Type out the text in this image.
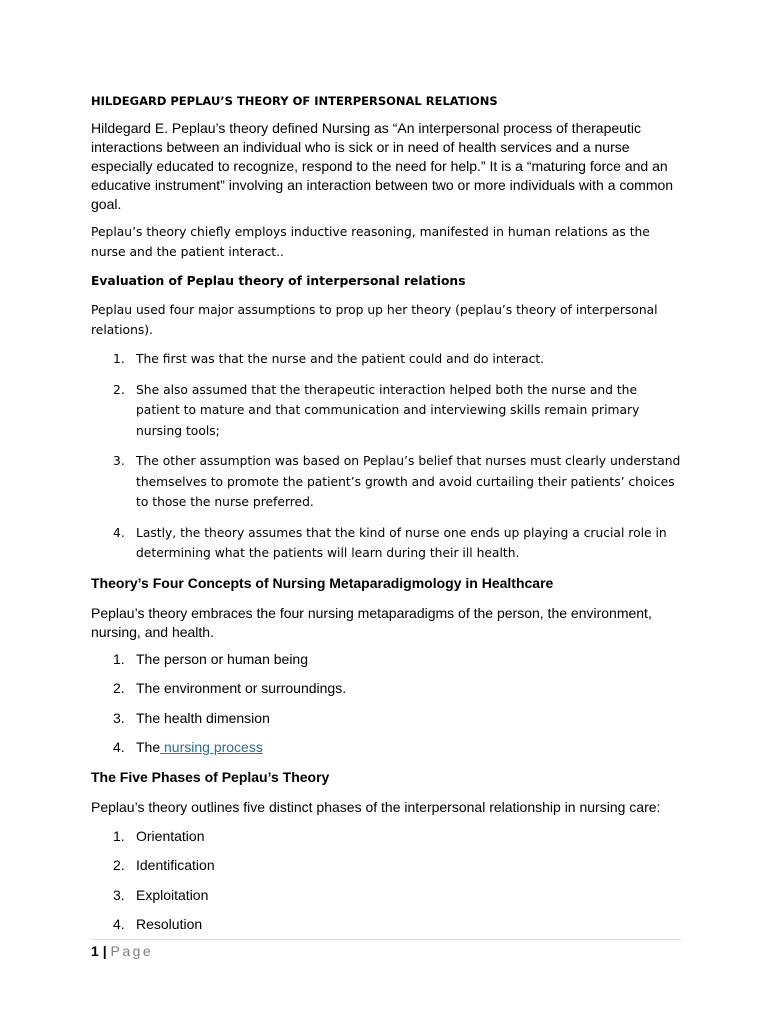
HILDEGARD PEPLAU’S THEORY OF INTERPERSONAL RELATIONS

Hildegard E. Peplau’s theory defined Nursing as “An interpersonal process of therapeutic interactions between an individual who is sick or in need of health services and a nurse especially educated to recognize, respond to the need for help.” It is a “maturing force and an educative instrument” involving an interaction between two or more individuals with a common goal.

Peplau’s theory chiefly employs inductive reasoning, manifested in human relations as the nurse and the patient interact..

Evaluation of Peplau theory of interpersonal relations

Peplau used four major assumptions to prop up her theory (peplau’s theory of interpersonal relations).

1. The first was that the nurse and the patient could and do interact.
2. She also assumed that the therapeutic interaction helped both the nurse and the patient to mature and that communication and interviewing skills remain primary nursing tools;
3. The other assumption was based on Peplau’s belief that nurses must clearly understand themselves to promote the patient’s growth and avoid curtailing their patients’ choices to those the nurse preferred.
4. Lastly, the theory assumes that the kind of nurse one ends up playing a crucial role in determining what the patients will learn during their ill health.
Theory’s Four Concepts of Nursing Metaparadigmology in Healthcare

Peplau’s theory embraces the four nursing metaparadigms of the person, the environment, nursing, and health.

1. The person or human being
2. The environment or surroundings.
3. The health dimension
4. The nursing process
The Five Phases of Peplau’s Theory

Peplau’s theory outlines five distinct phases of the interpersonal relationship in nursing care:

1. Orientation
2. Identification
3. Exploitation
4. Resolution
1 | Page
